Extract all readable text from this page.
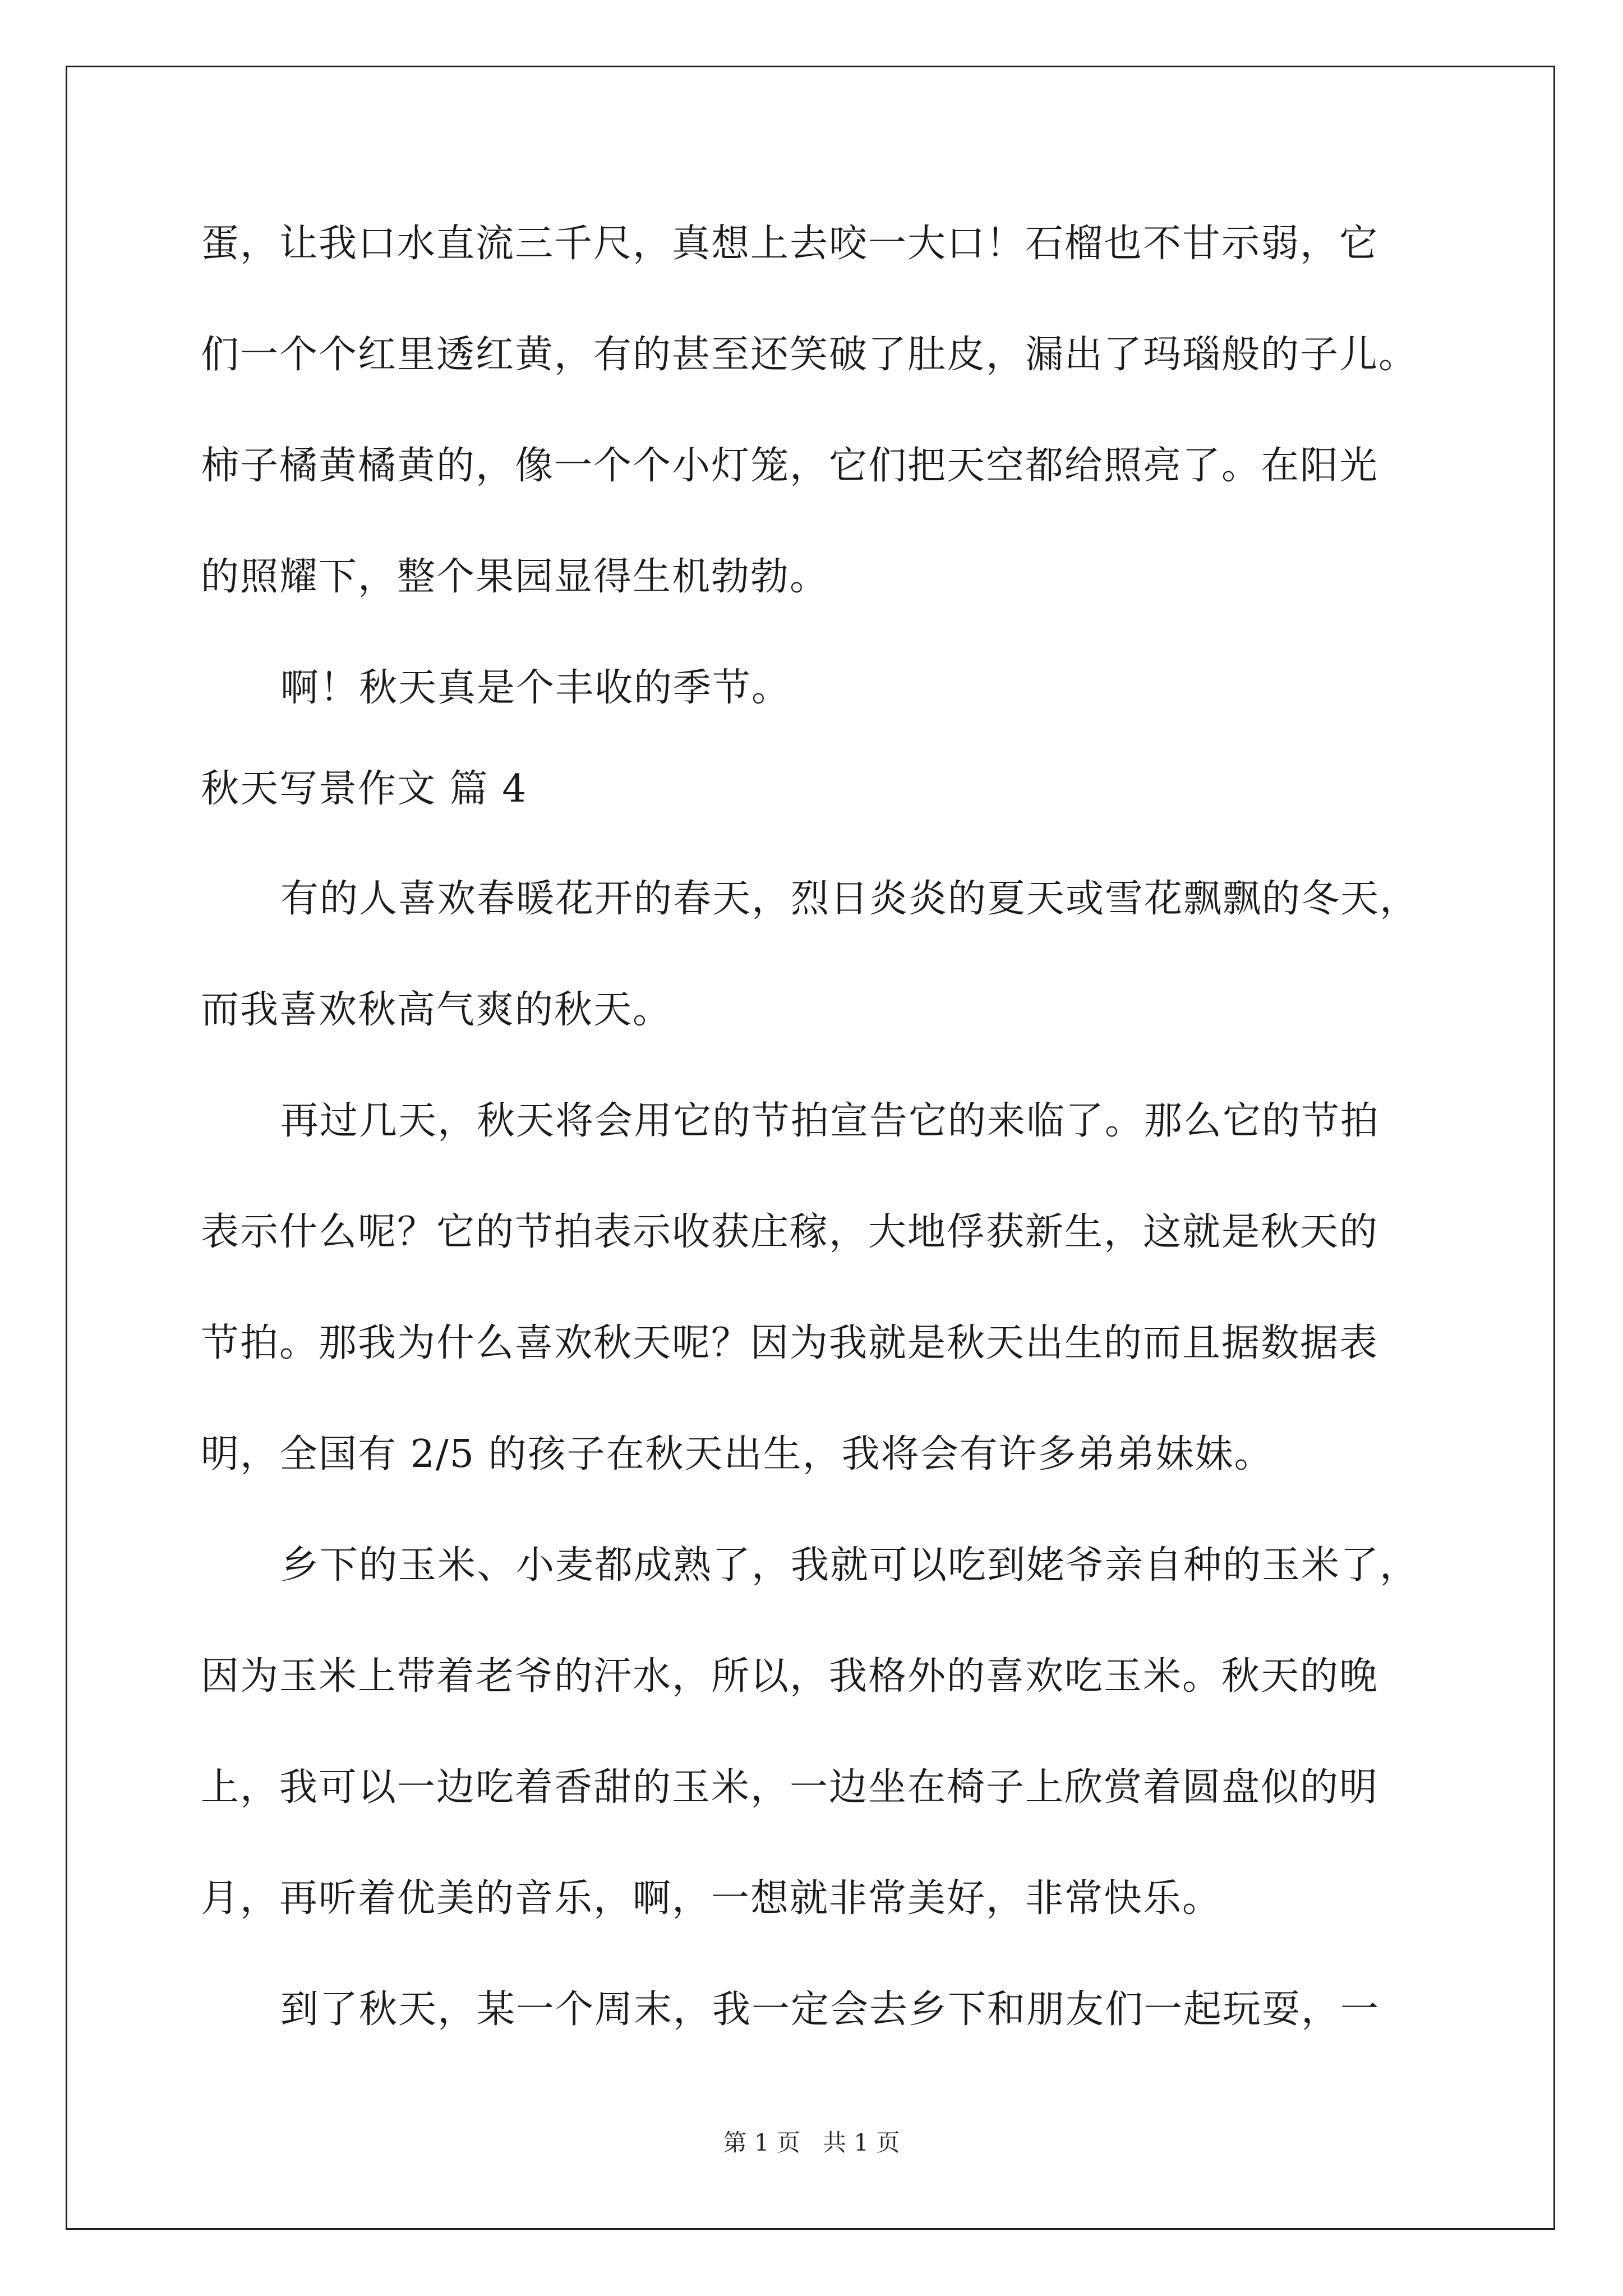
蛋，让我口水直流三千尺，真想上去咬一大口！石榴也不甘示弱，它
们一个个红里透红黄，有的甚至还笑破了肚皮，漏出了玛瑙般的子儿。
柿子橘黄橘黄的，像一个个小灯笼，它们把天空都给照亮了。在阳光
的照耀下，整个果园显得生机勃勃。
啊！秋天真是个丰收的季节。
秋天写景作文 篇 4
有的人喜欢春暖花开的春天，烈日炎炎的夏天或雪花飘飘的冬天，
而我喜欢秋高气爽的秋天。
再过几天，秋天将会用它的节拍宣告它的来临了。那么它的节拍
表示什么呢？它的节拍表示收获庄稼，大地俘获新生，这就是秋天的
节拍。那我为什么喜欢秋天呢？因为我就是秋天出生的而且据数据表
明，全国有 2/5 的孩子在秋天出生，我将会有许多弟弟妹妹。
乡下的玉米、小麦都成熟了，我就可以吃到姥爷亲自种的玉米了，
因为玉米上带着老爷的汗水，所以，我格外的喜欢吃玉米。秋天的晚
上，我可以一边吃着香甜的玉米，一边坐在椅子上欣赏着圆盘似的明
月，再听着优美的音乐，啊，一想就非常美好，非常快乐。
到了秋天，某一个周末，我一定会去乡下和朋友们一起玩耍，一
第 1 页   共 1 页
